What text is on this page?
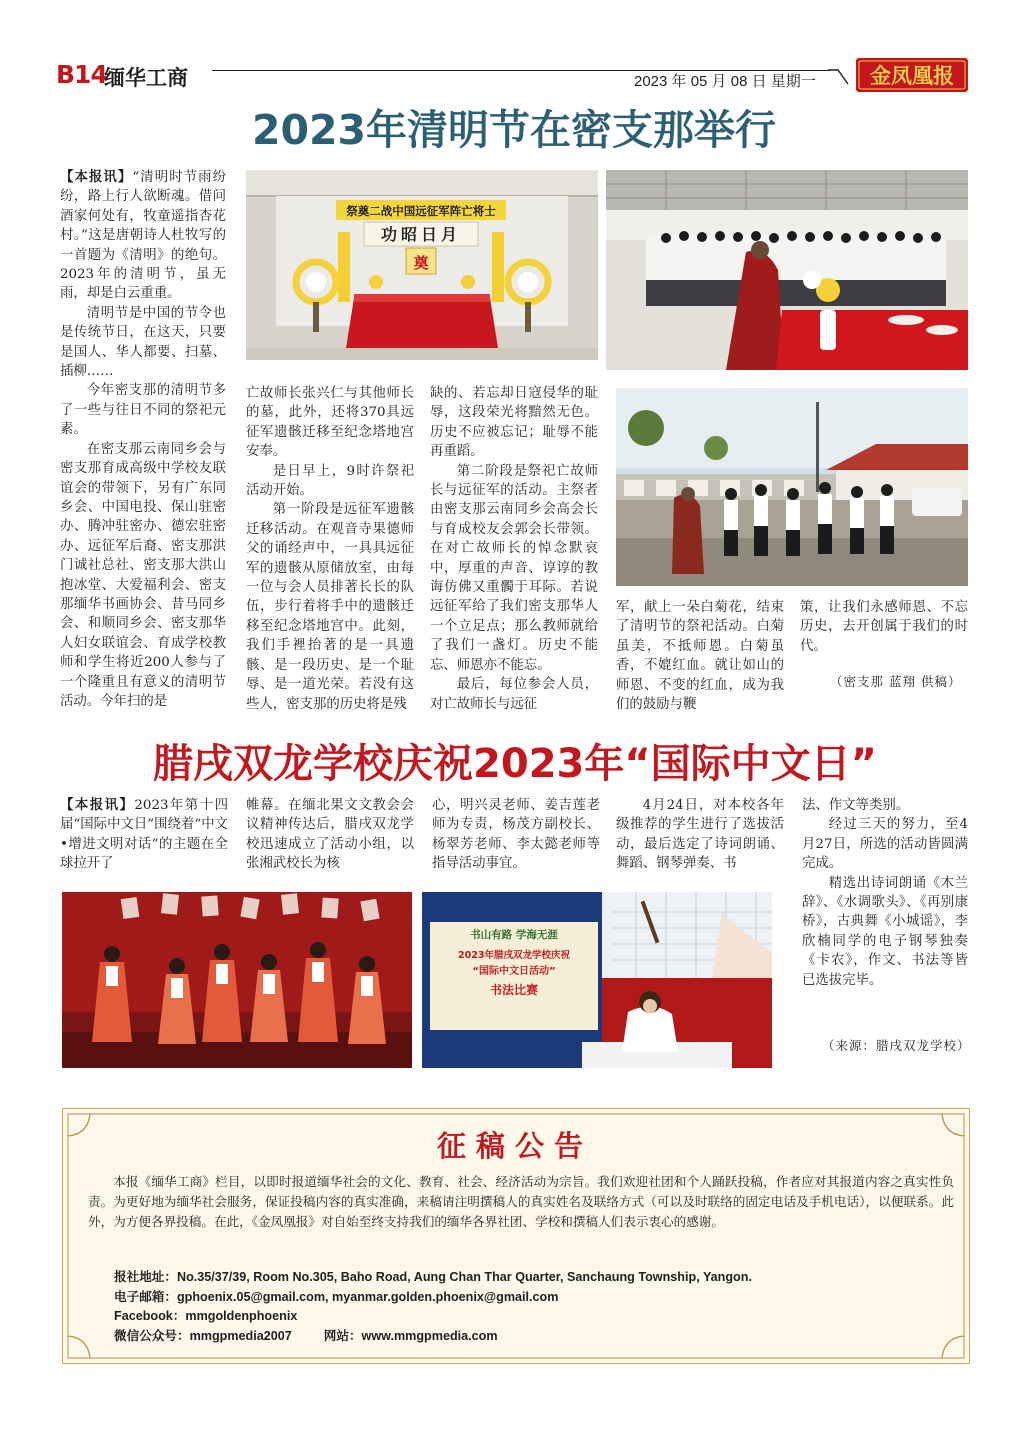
B14
缅华工商	2023 年 05 月 08 日 星期一	金凤凰报
2023年清明节在密支那举行

【本报讯】“清明时节雨纷纷，路上行人欲断魂。借问酒家何处有，牧童遥指杏花村。”这是唐朝诗人杜牧写的一首题为《清明》的绝句。2023年的清明节，虽无雨，却是白云重重。

清明节是中国的节令也是传统节日，在这天，只要是国人、华人都要、扫墓、插柳……

今年密支那的清明节多了一些与往日不同的祭祀元素。

在密支那云南同乡会与密支那育成高级中学校友联谊会的带领下，另有广东同乡会、中国电投、保山驻密办、腾冲驻密办、德宏驻密办、远征军后裔、密支那洪门诚社总社、密支那大洪山抱冰堂、大爱福利会、密支那缅华书画协会、昔马同乡会、和顺同乡会、密支那华人妇女联谊会、育成学校教师和学生将近200人参与了一个隆重且有意义的清明节活动。今年扫的是

亡故师长张兴仁与其他师长的墓，此外，还将370具远征军遗骸迁移至纪念塔地宫安奉。

是日早上，9时许祭祀活动开始。

第一阶段是远征军遗骸迁移活动。在观音寺果德师父的诵经声中，一具具远征军的遗骸从原储放室，由每一位与会人员排著长长的队伍，步行着将手中的遗骸迁移至纪念塔地宫中。此刻，我们手裡抬著的是一具遗骸、是一段历史、是一个耻辱、是一道光荣。若没有这些人，密支那的历史将是残

缺的、若忘却日寇侵华的耻辱，这段荣光将黯然无色。历史不应被忘记；耻辱不能再重蹈。

第二阶段是祭祀亡故师长与远征军的活动。主祭者由密支那云南同乡会高会长与育成校友会郭会长带领。在对亡故师长的悼念默哀中，厚重的声音、谆谆的教诲仿佛又重髑于耳际。若说远征军给了我们密支那华人一个立足点；那么教师就给了我们一盏灯。历史不能忘、师恩亦不能忘。

最后，每位参会人员，对亡故师长与远征

军，献上一朵白菊花，结束了清明节的祭祀活动。白菊虽美，不抵师恩。白菊虽香，不媲红血。就让如山的师恩、不变的红血，成为我们的鼓励与鞭

策，让我们永感师恩、不忘历史，去开创属于我们的时代。

（密支那 蓝翔 供稿）
祭奠二战中国远征军阵亡将士
功昭日月
奠
腊戌双龙学校庆祝2023年“国际中文日”

【本报讯】2023年第十四届“国际中文日”围绕着“中文•增进文明对话”的主题在全球拉开了

帷幕。在缅北果文文教会会议精神传达后，腊戌双龙学校迅速成立了活动小组，以张湘武校长为核

心，明兴灵老师、姜吉莲老师为专责，杨茂方副校长、杨翠芳老师、李太懿老师等指导活动事宜。

4月24日，对本校各年级推荐的学生进行了选拔活动，最后选定了诗词朗诵、舞蹈、钢琴弹奏、书

法、作文等类别。

经过三天的努力，至4月27日，所选的活动皆圆满完成。

精选出诗词朗诵《木兰辞》、《水调歌头》、《再别康桥》，古典舞《小城谣》，李欣楠同学的电子钢琴独奏《卡农》，作文、书法等皆已选拔完毕。

（来源：腊戌双龙学校）
书山有路 学海无涯
2023年腊戌双龙学校庆祝
“国际中文日活动”
书法比赛
征稿公告

本报《缅华工商》栏目，以即时报道缅华社会的文化、教育、社会、经济活动为宗旨。我们欢迎社团和个人踊跃投稿，作者应对其报道内容之真实性负责。为更好地为缅华社会服务，保证投稿内容的真实准确，来稿请注明撰稿人的真实姓名及联络方式（可以及时联络的固定电话及手机电话），以便联系。此外，为方便各界投稿。在此，《金凤凰报》对自始至终支持我们的缅华各界社团、学校和撰稿人们表示衷心的感谢。

报社地址：No.35/37/39, Room No.305, Baho Road, Aung Chan Thar Quarter, Sanchaung Township, Yangon.
电子邮箱：gphoenix.05@gmail.com, myanmar.golden.phoenix@gmail.com
Facebook：mmgoldenphoenix
微信公众号：mmgpmedia2007	网站：www.mmgpmedia.com
